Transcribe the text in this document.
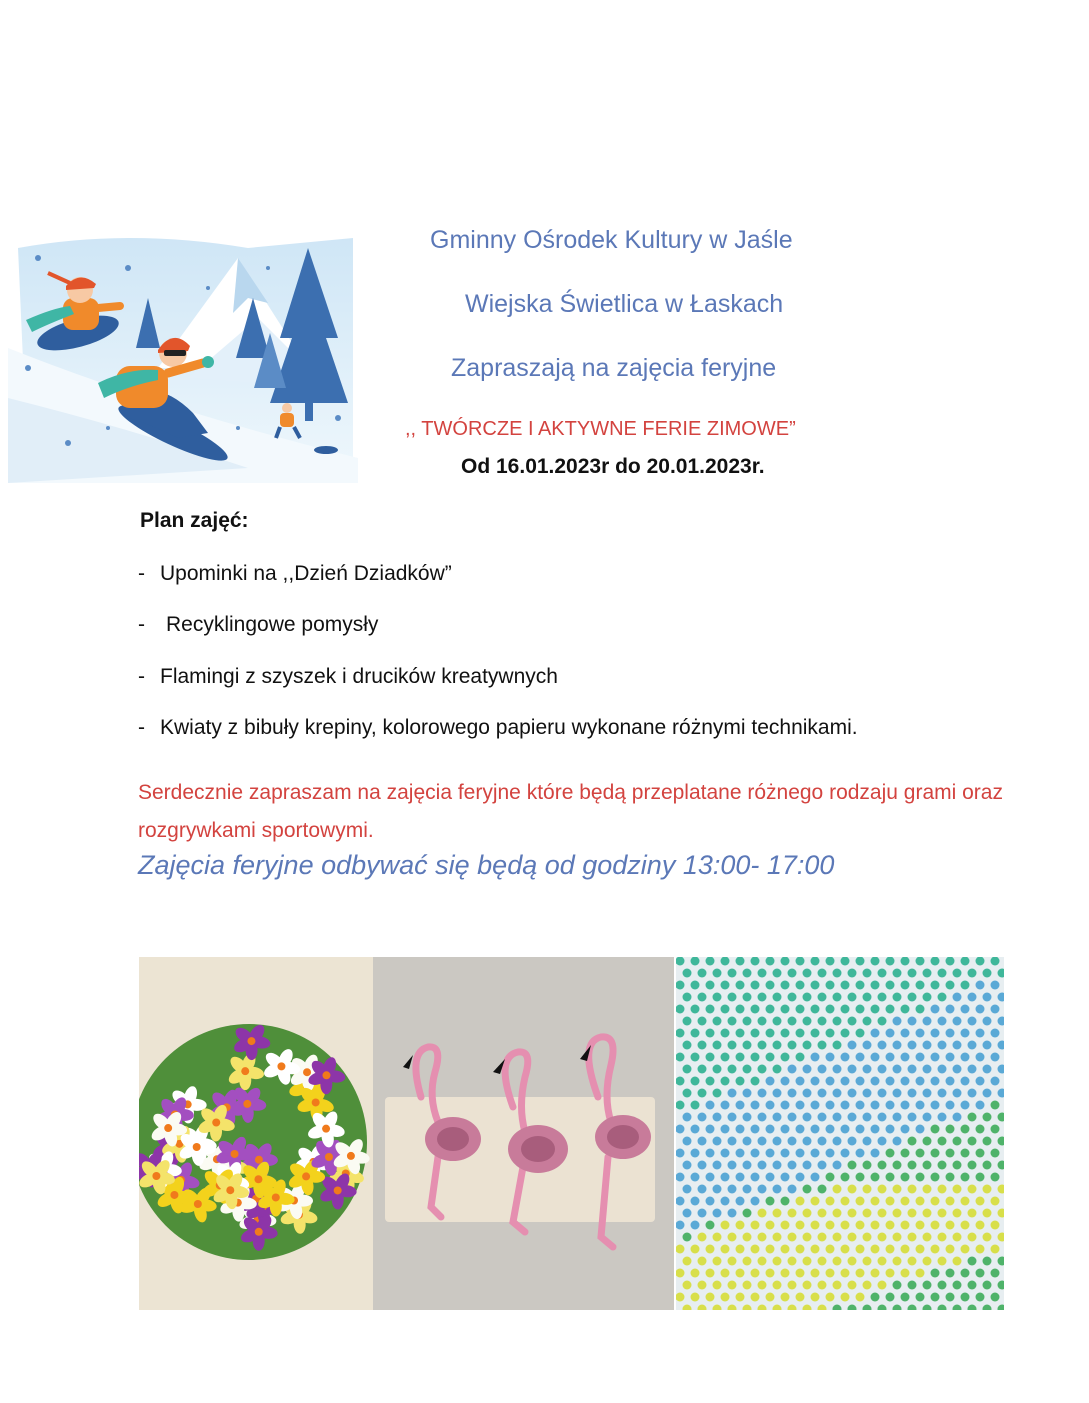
Gminny Ośrodek Kultury w Jaśle
Wiejska Świetlica w Łaskach
Zapraszają na zajęcia feryjne
,, TWÓRCZE I AKTYWNE FERIE ZIMOWE”
Od 16.01.2023r do 20.01.2023r.
Plan zajęć:
- Upominki na ,,Dzień Dziadków”
- Recyklingowe pomysły
- Flamingi z szyszek i drucików kreatywnych
- Kwiaty z bibuły krepiny, kolorowego papieru wykonane różnymi technikami.
Serdecznie zapraszam na zajęcia feryjne które będą przeplatane różnego rodzaju grami oraz rozgrywkami sportowymi.
Zajęcia feryjne odbywać się będą od godziny 13:00- 17:00
